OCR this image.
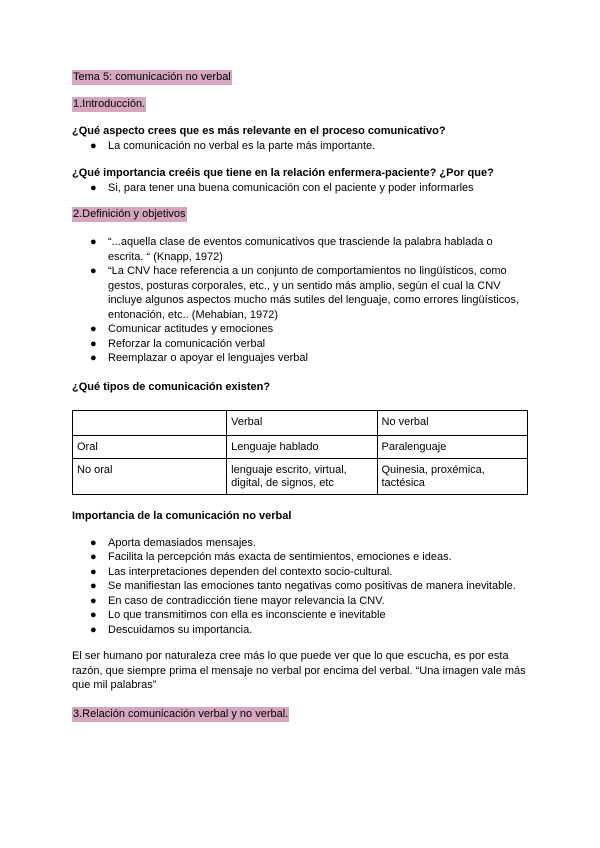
Tema 5: comunicación no verbal
1.Introducción.

¿Qué aspecto crees que es más relevante en el proceso comunicativo?

● La comunicación no verbal es la parte más importante.

¿Qué importancia creéis que tiene en la relación enfermera-paciente? ¿Por que?

● Si, para tener una buena comunicación con el paciente y poder informarles
2.Definición y objetivos
● “...aquella clase de eventos comunicativos que trasciende la palabra hablada o escrita. “ (Knapp, 1972)
● “La CNV hace referencia a un conjunto de comportamientos no lingüísticos, como gestos, posturas corporales, etc., y un sentido más amplio, según el cual la CNV incluye algunos aspectos mucho más sutiles del lenguaje, como errores lingüísticos, entonación, etc.. (Mehabian, 1972)
● Comunicar actitudes y emociones
● Reforzar la comunicación verbal
● Reemplazar o apoyar el lenguajes verbal

¿Qué tipos de comunicación existen?

	Verbal	No verbal
Oral	Lenguaje hablado	Paralenguaje
No oral	lenguaje escrito, virtual, digital, de signos, etc	Quinesia, proxémica, tactésica

Importancia de la comunicación no verbal

● Aporta demasiados mensajes.
● Facilita la percepción más exacta de sentimientos, emociones e ideas.
● Las interpretaciones dependen del contexto socio-cultural.
● Se manifiestan las emociones tanto negativas como positivas de manera inevitable.
● En caso de contradicción tiene mayor relevancia la CNV.
● Lo que transmitimos con ella es inconsciente e inevitable
● Descuidamos su importancia.

El ser humano por naturaleza cree más lo que puede ver que lo que escucha, es por esta razón, que siempre prima el mensaje no verbal por encima del verbal. “Una imagen vale más que mil palabras”

3.Relación comunicación verbal y no verbal.
